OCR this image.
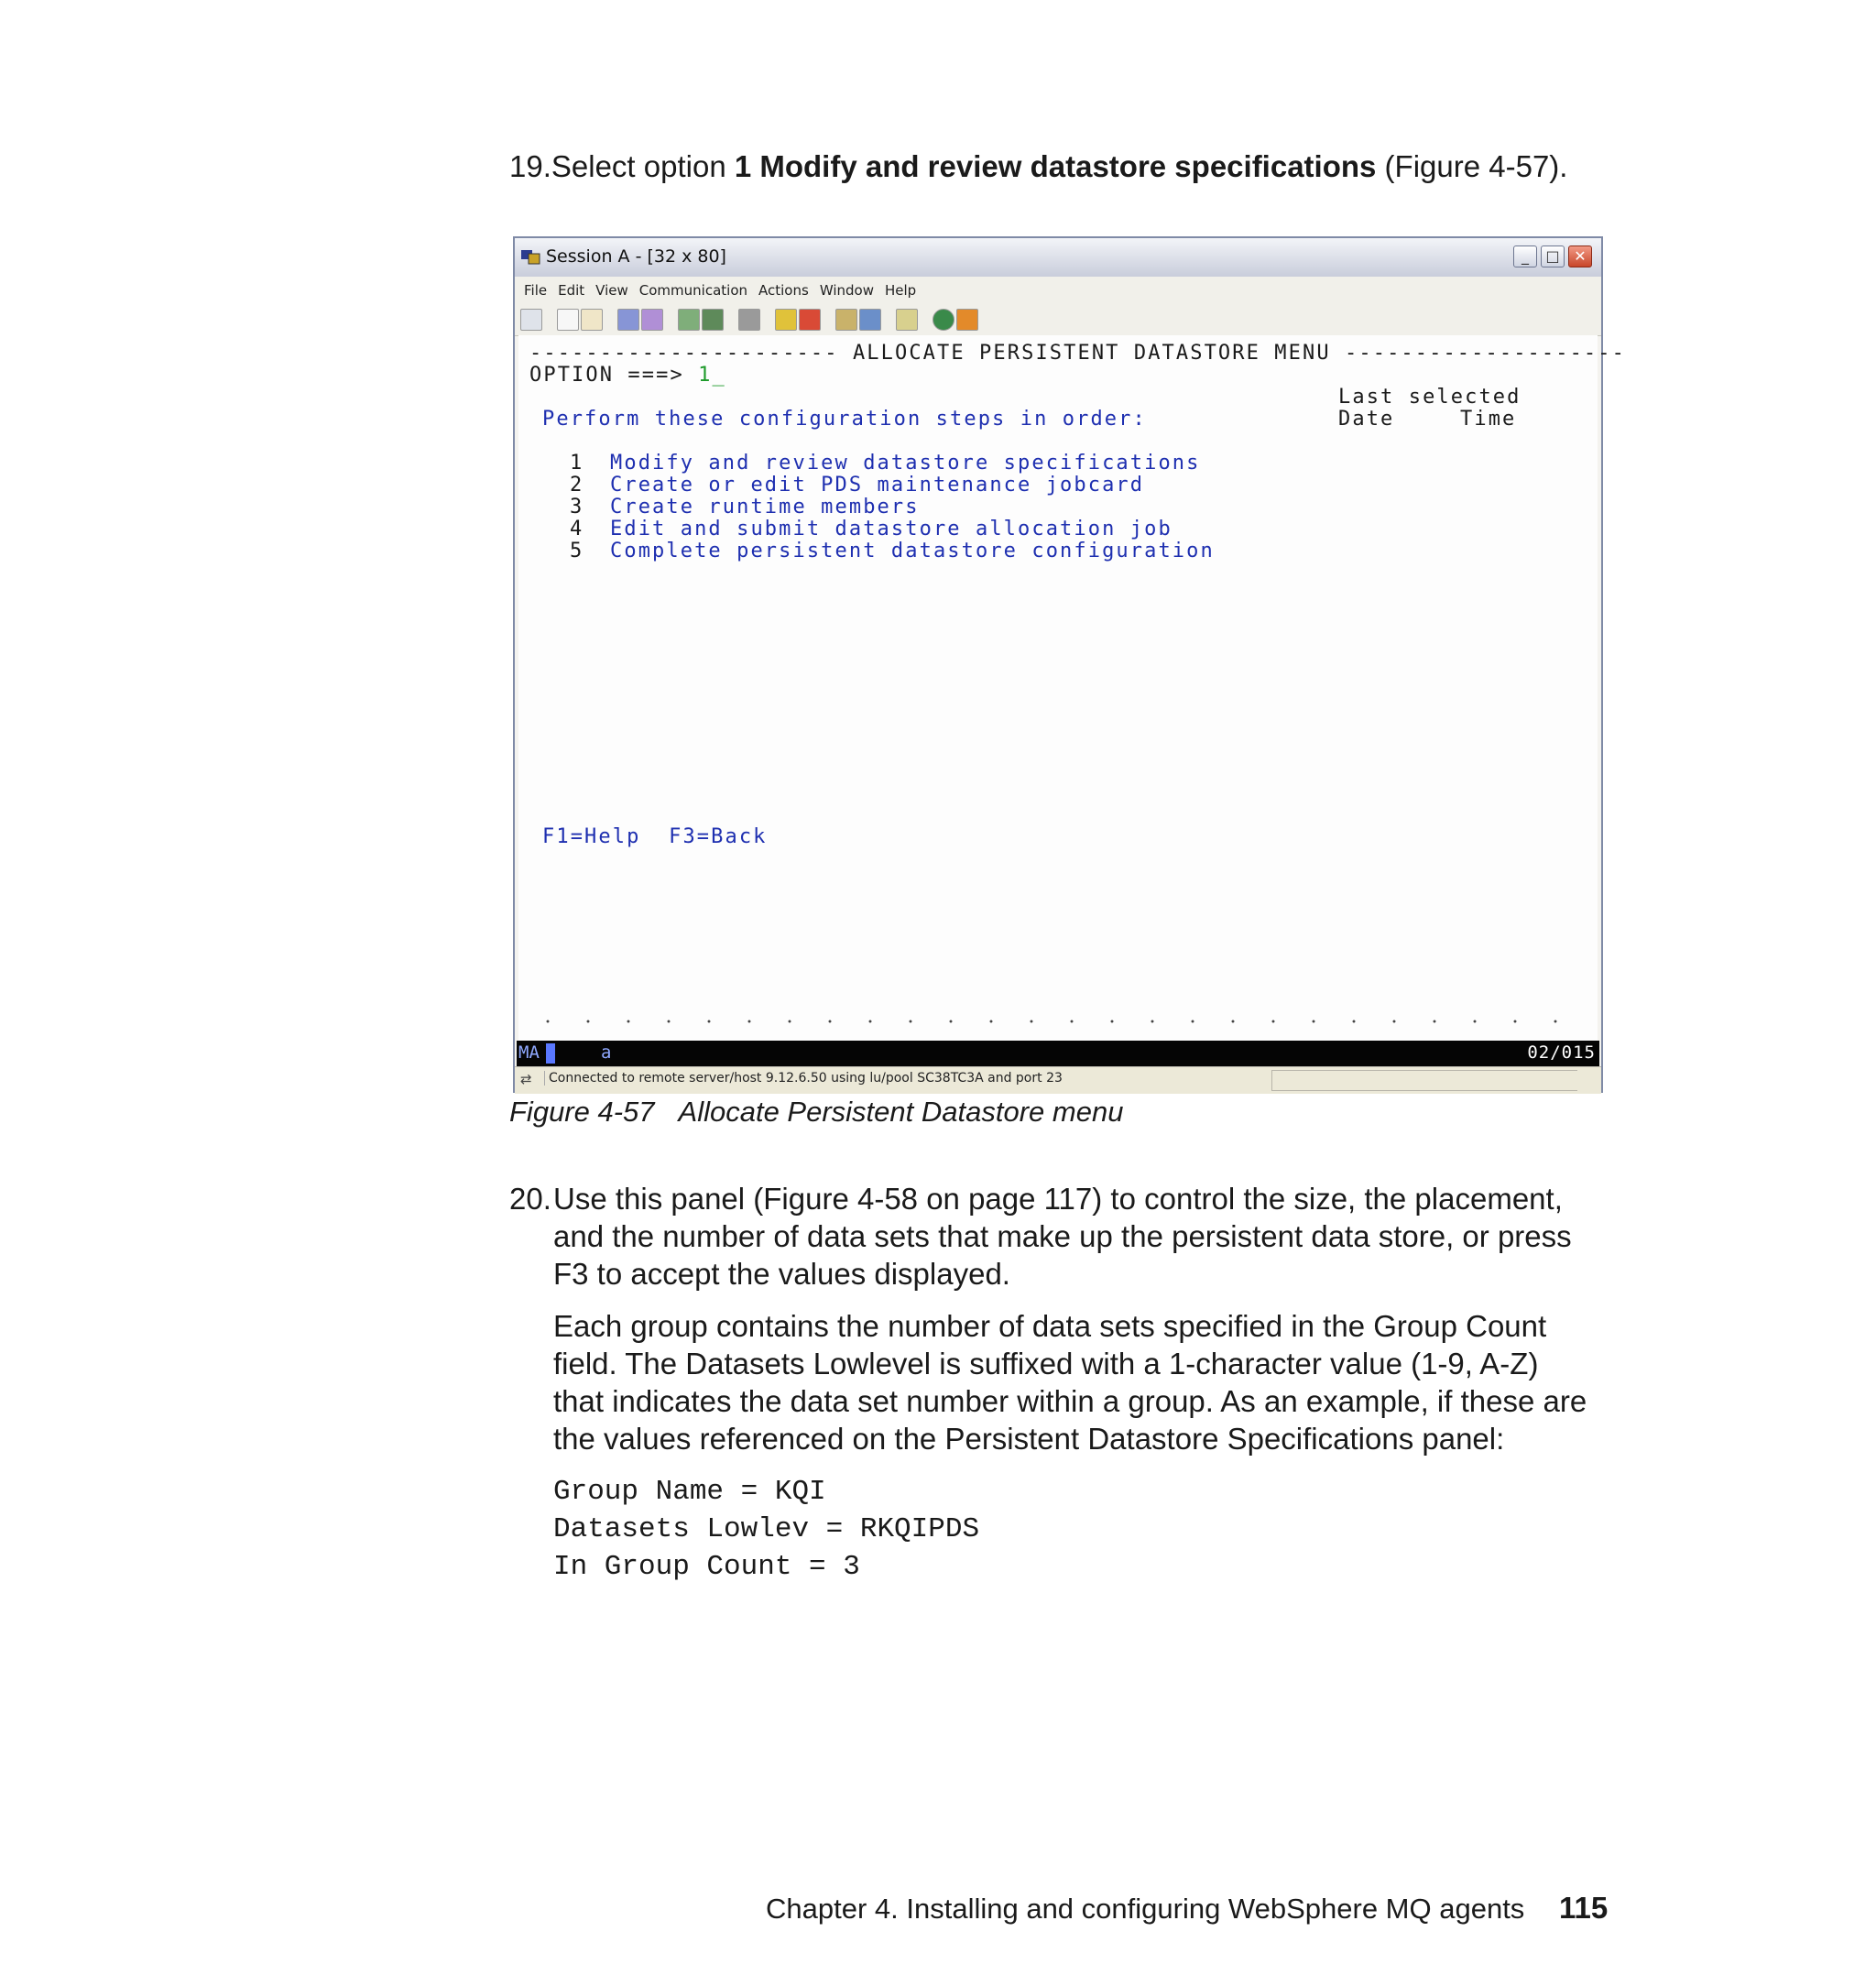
19.Select option 1 Modify and review datastore specifications (Figure 4-57).
Session A - [32 x 80]	_	□ ✕
File Edit View Communication Actions Window Help
---------------------- ALLOCATE PERSISTENT DATASTORE MENU --------------------
OPTION ===> 1_
Last selected
Perform these configuration steps in order:	Date	Time
1 Modify and review datastore specifications
2 Create or edit PDS maintenance jobcard
3 Create runtime members
4 Edit and submit datastore allocation job
5 Complete persistent datastore configuration
F1=Help  F3=Back
MA	a	02/015
⇄	Connected to remote server/host 9.12.6.50 using lu/pool SC38TC3A and port 23
Figure 4-57 Allocate Persistent Datastore menu
20. Use this panel (Figure 4-58 on page 117) to control the size, the placement,
and the number of data sets that make up the persistent data store, or press
F3 to accept the values displayed.
Each group contains the number of data sets specified in the Group Count
field. The Datasets Lowlevel is suffixed with a 1-character value (1-9, A-Z)
that indicates the data set number within a group. As an example, if these are
the values referenced on the Persistent Datastore Specifications panel:
Group Name = KQI
Datasets Lowlev = RKQIPDS
In Group Count = 3
Chapter 4. Installing and configuring WebSphere MQ agents 115
